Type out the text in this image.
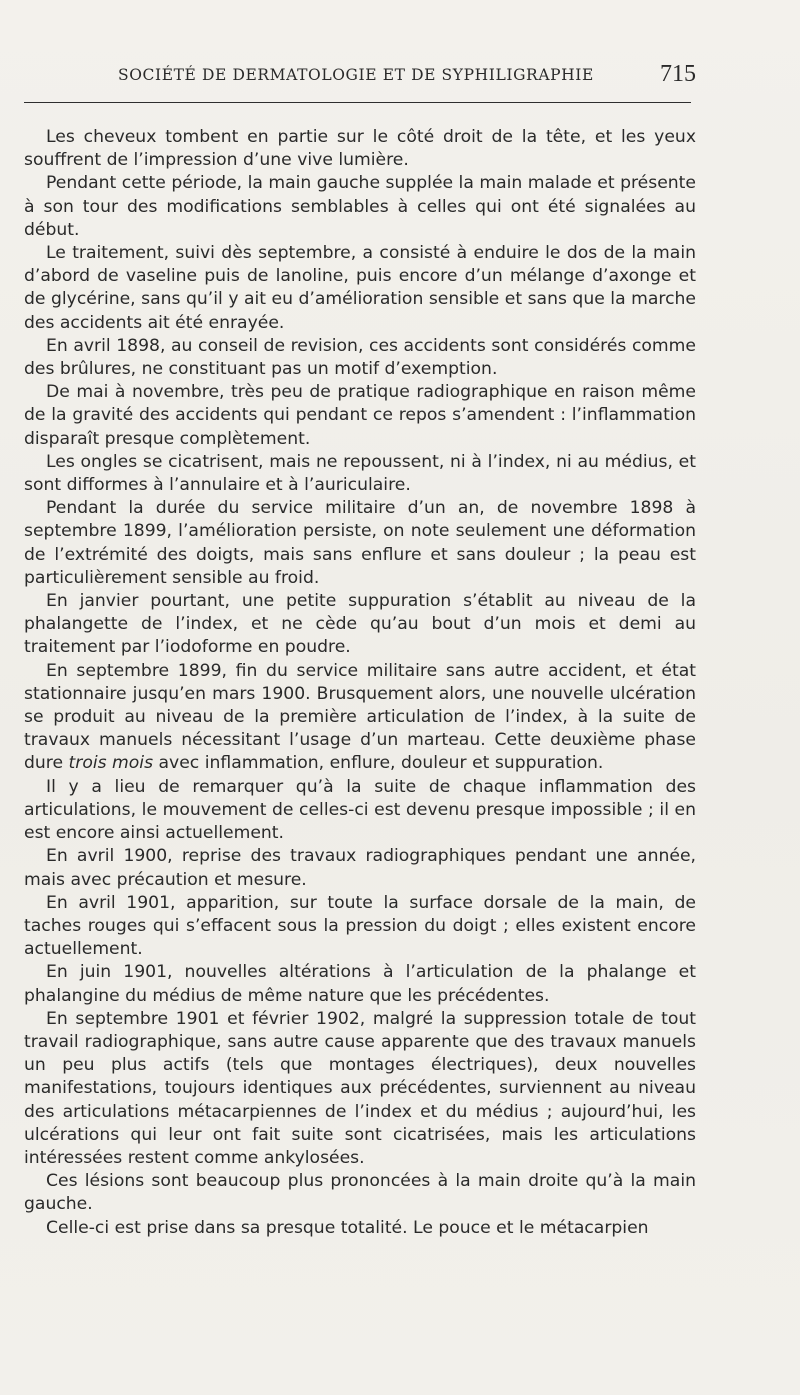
SOCIÉTÉ DE DERMATOLOGIE ET DE SYPHILIGRAPHIE	715

Les cheveux tombent en partie sur le côté droit de la tête, et les yeux souffrent de l’impression d’une vive lumière.

Pendant cette période, la main gauche supplée la main malade et présente à son tour des modifications semblables à celles qui ont été signalées au début.

Le traitement, suivi dès septembre, a consisté à enduire le dos de la main d’abord de vaseline puis de lanoline, puis encore d’un mélange d’axonge et de glycérine, sans qu’il y ait eu d’amélioration sensible et sans que la marche des accidents ait été enrayée.

En avril 1898, au conseil de revision, ces accidents sont considérés comme des brûlures, ne constituant pas un motif d’exemption.

De mai à novembre, très peu de pratique radiographique en raison même de la gravité des accidents qui pendant ce repos s’amendent : l’inflammation disparaît presque complètement.

Les ongles se cicatrisent, mais ne repoussent, ni à l’index, ni au médius, et sont difformes à l’annulaire et à l’auriculaire.

Pendant la durée du service militaire d’un an, de novembre 1898 à septembre 1899, l’amélioration persiste, on note seulement une déformation de l’extrémité des doigts, mais sans enflure et sans douleur ; la peau est particulièrement sensible au froid.

En janvier pourtant, une petite suppuration s’établit au niveau de la phalangette de l’index, et ne cède qu’au bout d’un mois et demi au traitement par l’iodoforme en poudre.

En septembre 1899, fin du service militaire sans autre accident, et état stationnaire jusqu’en mars 1900. Brusquement alors, une nouvelle ulcération se produit au niveau de la première articulation de l’index, à la suite de travaux manuels nécessitant l’usage d’un marteau. Cette deuxième phase dure trois mois avec inflammation, enflure, douleur et suppuration.

Il y a lieu de remarquer qu’à la suite de chaque inflammation des articulations, le mouvement de celles-ci est devenu presque impossible ; il en est encore ainsi actuellement.

En avril 1900, reprise des travaux radiographiques pendant une année, mais avec précaution et mesure.

En avril 1901, apparition, sur toute la surface dorsale de la main, de taches rouges qui s’effacent sous la pression du doigt ; elles existent encore actuellement.

En juin 1901, nouvelles altérations à l’articulation de la phalange et phalangine du médius de même nature que les précédentes.

En septembre 1901 et février 1902, malgré la suppression totale de tout travail radiographique, sans autre cause apparente que des travaux manuels un peu plus actifs (tels que montages électriques), deux nouvelles manifestations, toujours identiques aux précédentes, surviennent au niveau des articulations métacarpiennes de l’index et du médius ; aujourd’hui, les ulcérations qui leur ont fait suite sont cicatrisées, mais les articulations intéressées restent comme ankylosées.

Ces lésions sont beaucoup plus prononcées à la main droite qu’à la main gauche.

Celle-ci est prise dans sa presque totalité. Le pouce et le métacarpien
